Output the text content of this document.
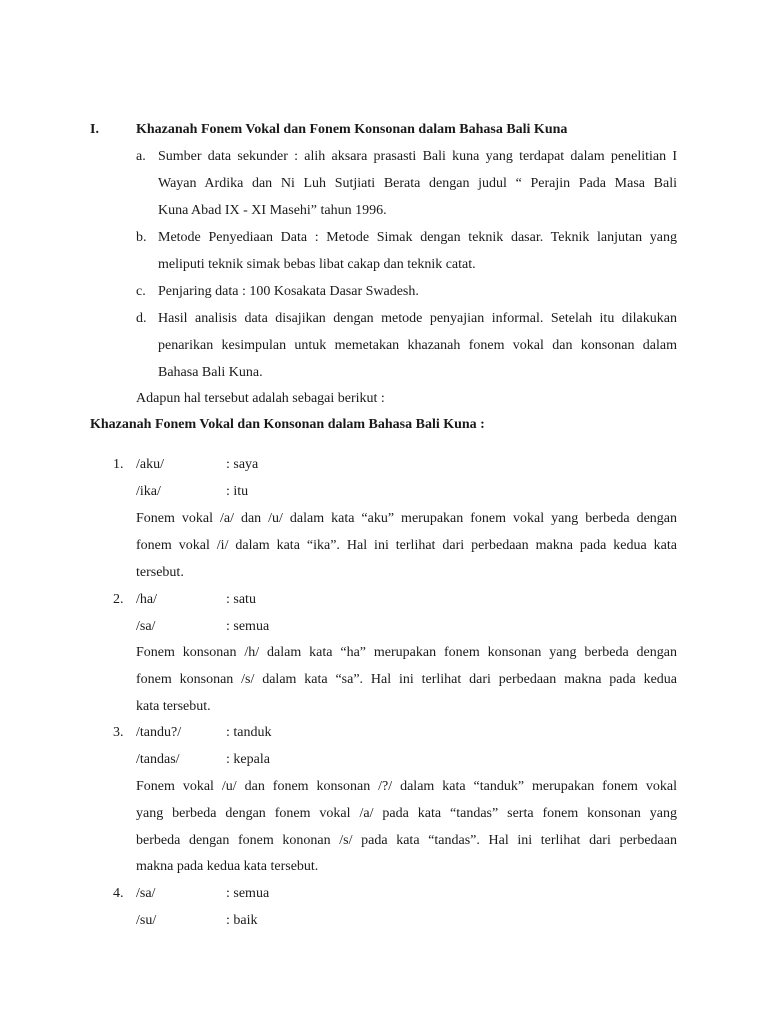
I.	Khazanah Fonem Vokal dan Fonem Konsonan dalam Bahasa Bali Kuna
a. Sumber data sekunder : alih aksara prasasti Bali kuna yang terdapat dalam penelitian I
Wayan Ardika dan Ni Luh Sutjiati Berata dengan judul “ Perajin Pada Masa Bali
Kuna Abad IX - XI Masehi” tahun 1996.
b. Metode Penyediaan Data : Metode Simak dengan teknik dasar. Teknik lanjutan yang
meliputi teknik simak bebas libat cakap dan teknik catat.
c. Penjaring data : 100 Kosakata Dasar Swadesh.
d. Hasil analisis data disajikan dengan metode penyajian informal. Setelah itu dilakukan
penarikan kesimpulan untuk memetakan khazanah fonem vokal dan konsonan dalam
Bahasa Bali Kuna.
Adapun hal tersebut adalah sebagai berikut :
Khazanah Fonem Vokal dan Konsonan dalam Bahasa Bali Kuna :
1. /aku/	: saya
/ika/	: itu
Fonem vokal /a/ dan /u/ dalam kata “aku” merupakan fonem vokal yang berbeda dengan
fonem vokal /i/ dalam kata “ika”. Hal ini terlihat dari perbedaan makna pada kedua kata
tersebut.
2. /ha/	: satu
/sa/	: semua
Fonem konsonan /h/ dalam kata “ha” merupakan fonem konsonan yang berbeda dengan
fonem konsonan /s/ dalam kata “sa”. Hal ini terlihat dari perbedaan makna pada kedua
kata tersebut.
3. /tandu?/	: tanduk
/tandas/	: kepala
Fonem vokal /u/ dan fonem konsonan /?/ dalam kata “tanduk” merupakan fonem vokal
yang berbeda dengan fonem vokal /a/ pada kata “tandas” serta fonem konsonan yang
berbeda dengan fonem kononan /s/ pada kata “tandas”. Hal ini terlihat dari perbedaan
makna pada kedua kata tersebut.
4. /sa/	: semua
/su/	: baik
